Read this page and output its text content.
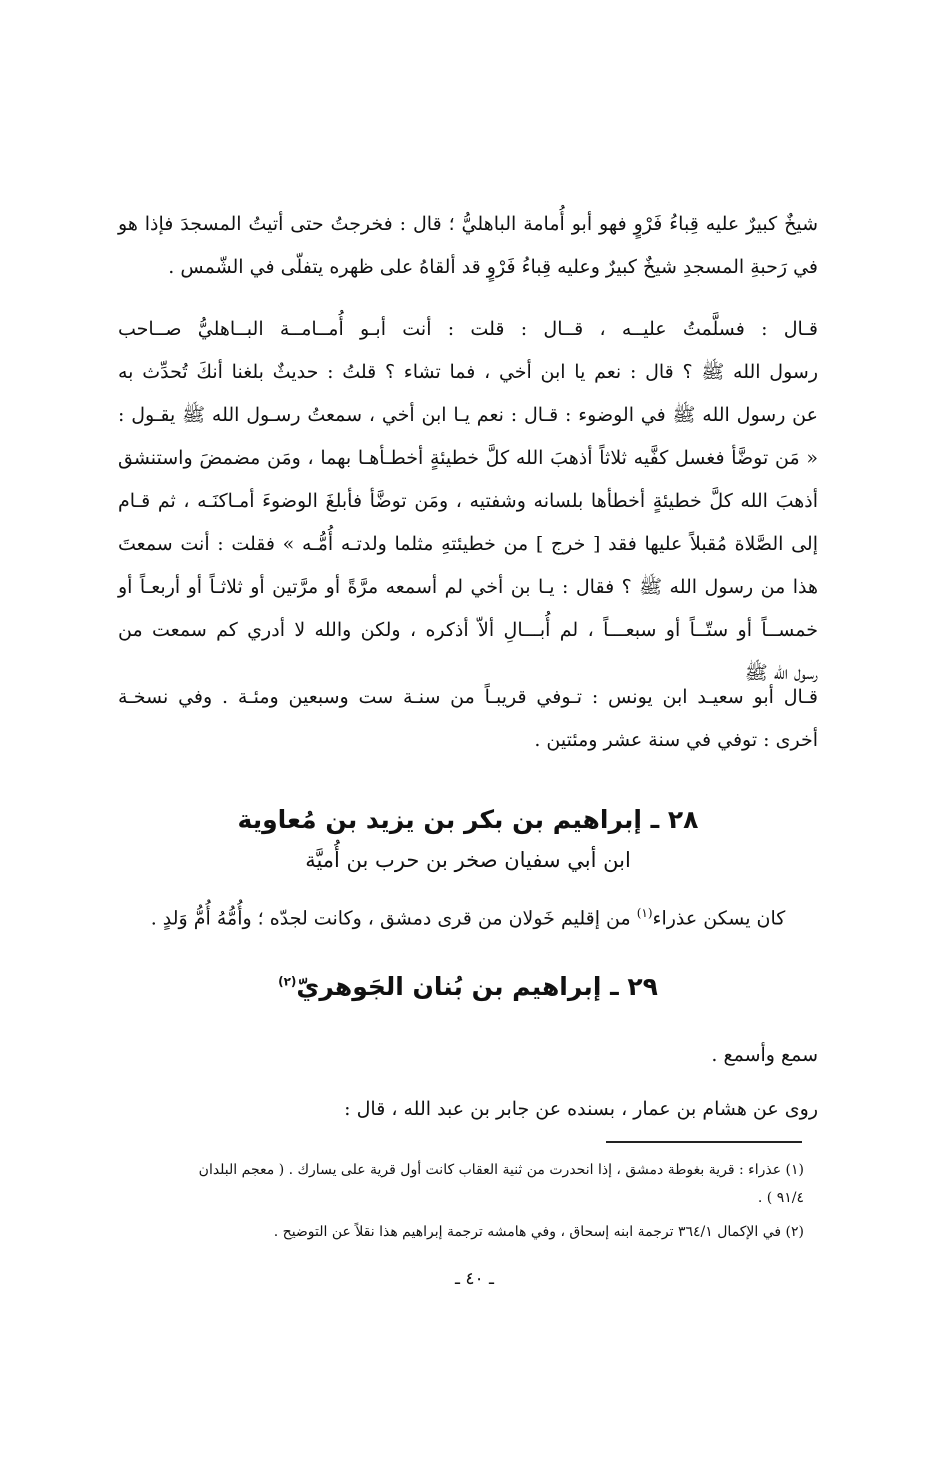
شيخٌ كبيرٌ عليه قِباءُ فَرْوٍ فهو أبو أُمامة الباهليُّ ؛ قال : فخرجتُ حتى أتيتُ المسجدَ فإذا هو
في رَحبةِ المسجدِ شيخٌ كبيرٌ وعليه قِباءُ فَرْوٍ قد ألقاهُ على ظهره يتفلّى في الشّمس .
قـال : فسلَّمتُ عليــه ، قــال : قلت : أنت أبـو أُمــامــة البــاهليُّ صــاحب
رسول الله ﷺ ؟ قال : نعم يا ابن أخي ، فما تشاء ؟ قلتُ : حديثٌ بلغنا أنكَ تُحدِّث به
عن رسول الله ﷺ في الوضوء : قـال : نعم يـا ابن أخي ، سمعتُ رسـول الله ﷺ يقـول :
« مَن توضَّأ فغسل كفَّيه ثلاثاً أذهبَ الله كلَّ خطيئةٍ أخطـأهـا بهما ، ومَن مضمضَ واستنشق
أذهبَ الله كلَّ خطيئةٍ أخطأها بلسانه وشفتيه ، ومَن توضَّأ فأبلغَ الوضوءَ أمـاكنَـه ، ثم قـام
إلى الصَّلاة مُقبلاً عليها فقد [ خرج ] من خطيئتهِ مثلما ولدتـه أُمُّـه » فقلت : أنت سمعتَ
هذا من رسول الله ﷺ ؟ فقال : يـا بن أخي لم أسمعه مرَّةً أو مرَّتين أو ثلاثـاً أو أربعـاً أو
خمســاً أو ستّــاً أو سبعـــاً ، لم أُبـــالِ ألاّ أذكره ، ولكن والله لا أدري كم سمعت من
رسول الله ﷺ
قـال أبو سعيـد ابن يونس : تـوفي قريبـاً من سنـة ست وسبعين ومئـة . وفي نسخـة
أخرى : توفي في سنة عشر ومئتين .
٢٨ ـ إبراهيم بن بكر بن يزيد بن مُعاوية
ابن أبي سفيان صخر بن حرب بن أُميَّة
كان يسكن عذراء$^{(١)}$ من إقليم خَولان من قرى دمشق ، وكانت لجدّه ؛ وأُمُّهُ أُمُّ وَلدٍ .
٢٩ ـ إبراهيم بن بُنان الجَوهريّ$^{(٢)}$
سمع وأسمع .
روى عن هشام بن عمار ، بسنده عن جابر بن عبد الله ، قال :
(١) عذراء : قرية بغوطة دمشق ، إذا انحدرت من ثنية العقاب كانت أول قرية على يسارك . ( معجم البلدان
٩١/٤ ) .
(٢) في الإكمال ٣٦٤/١ ترجمة ابنه إسحاق ، وفي هامشه ترجمة إبراهيم هذا نقلاً عن التوضيح .
ـ ٤٠ ـ
